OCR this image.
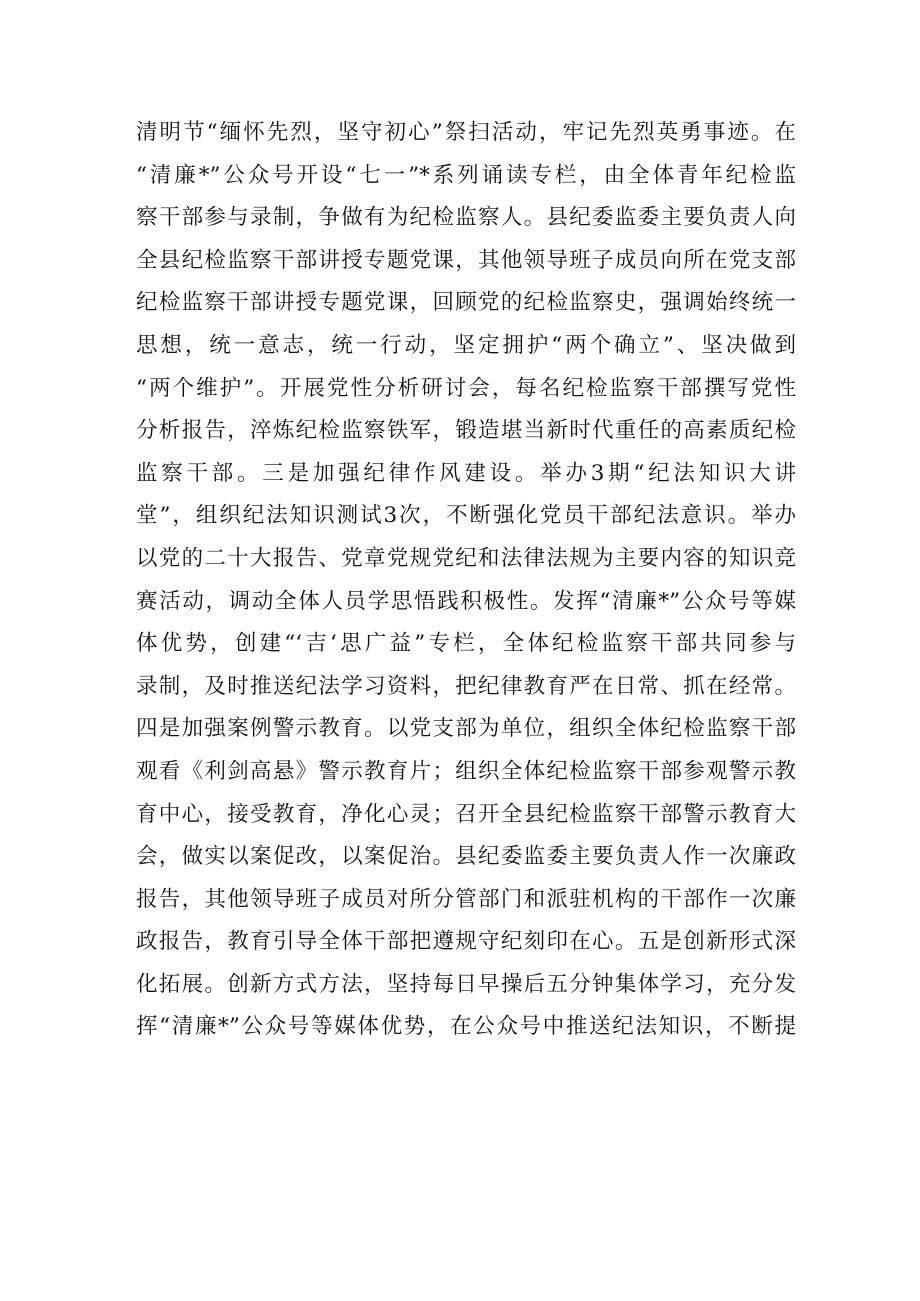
清明节“缅怀先烈，坚守初心”祭扫活动，牢记先烈英勇事迹。在
“清廉*”公众号开设“七一”*系列诵读专栏，由全体青年纪检监
察干部参与录制，争做有为纪检监察人。县纪委监委主要负责人向
全县纪检监察干部讲授专题党课，其他领导班子成员向所在党支部
纪检监察干部讲授专题党课，回顾党的纪检监察史，强调始终统一
思想，统一意志，统一行动，坚定拥护“两个确立”、坚决做到
“两个维护”。开展党性分析研讨会，每名纪检监察干部撰写党性
分析报告，淬炼纪检监察铁军，锻造堪当新时代重任的高素质纪检
监察干部。三是加强纪律作风建设。举办3期“纪法知识大讲
堂”，组织纪法知识测试3次，不断强化党员干部纪法意识。举办
以党的二十大报告、党章党规党纪和法律法规为主要内容的知识竞
赛活动，调动全体人员学思悟践积极性。发挥“清廉*”公众号等媒
体优势，创建“‘吉‘思广益”专栏，全体纪检监察干部共同参与
录制，及时推送纪法学习资料，把纪律教育严在日常、抓在经常。
四是加强案例警示教育。以党支部为单位，组织全体纪检监察干部
观看《利剑高悬》警示教育片；组织全体纪检监察干部参观警示教
育中心，接受教育，净化心灵；召开全县纪检监察干部警示教育大
会，做实以案促改，以案促治。县纪委监委主要负责人作一次廉政
报告，其他领导班子成员对所分管部门和派驻机构的干部作一次廉
政报告，教育引导全体干部把遵规守纪刻印在心。五是创新形式深
化拓展。创新方式方法，坚持每日早操后五分钟集体学习，充分发
挥“清廉*”公众号等媒体优势，在公众号中推送纪法知识，不断提
